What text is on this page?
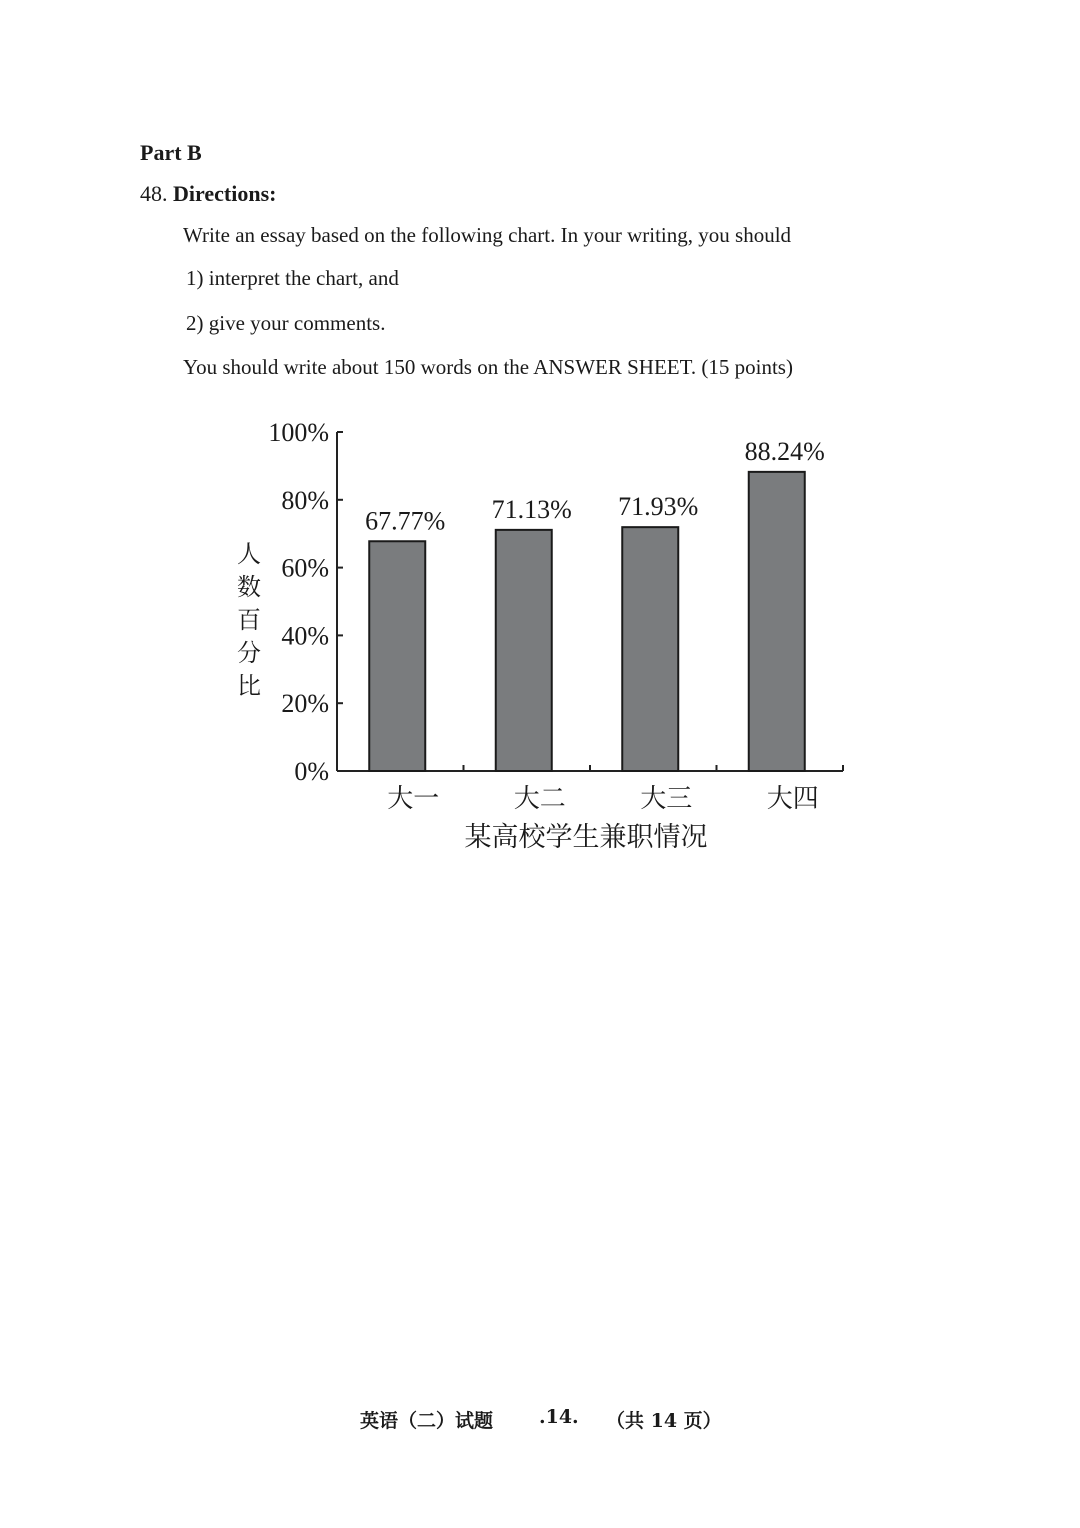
Part B
48. Directions:
Write an essay based on the following chart. In your writing, you should
1) interpret the chart, and
2) give your comments.
You should write about 150 words on the ANSWER SHEET. (15 points)
0%
20%
40%
60%
80%
100%
67.77%
大一
71.13%
大二
71.93%
大三
88.24%
大四
某高校学生兼职情况
人
数
百
分
比
英语（二）试题 .14. （共 14 页）
